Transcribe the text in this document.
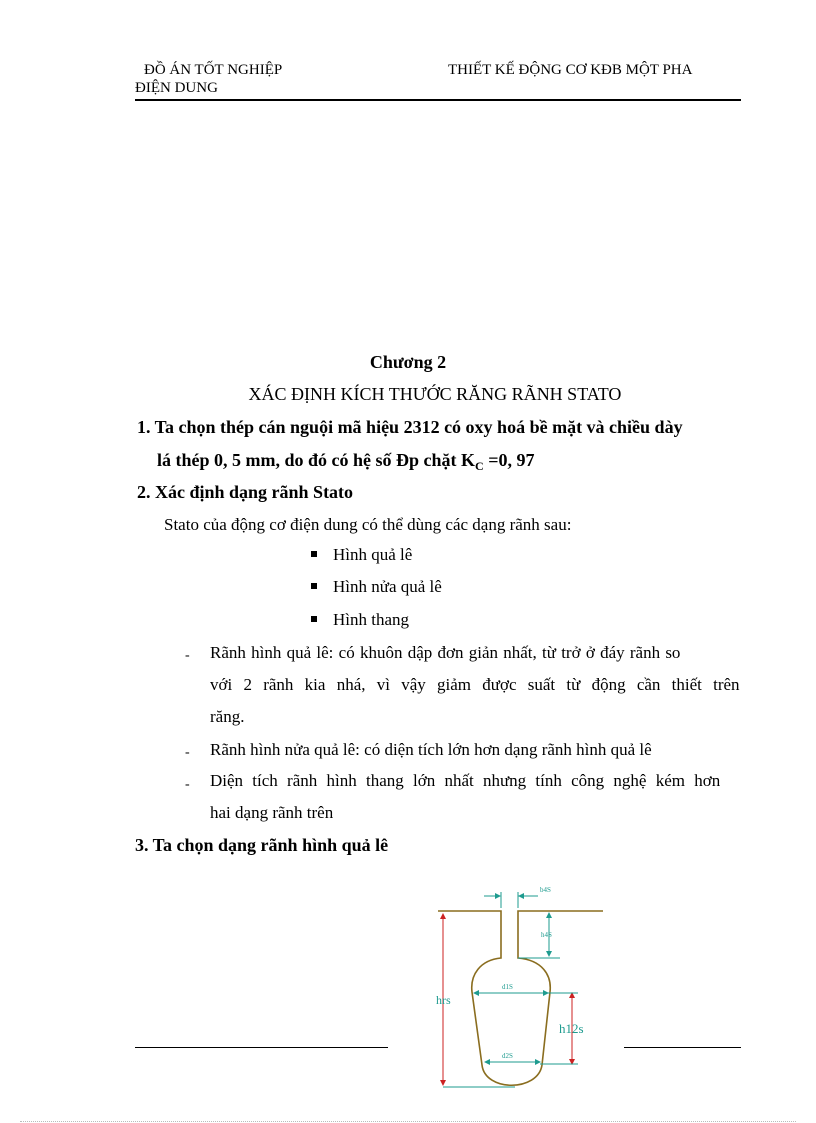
ĐỒ ÁN TỐT NGHIỆP	THIẾT KẾ ĐỘNG CƠ KĐB MỘT PHA
ĐIỆN DUNG
Chương 2
XÁC ĐỊNH KÍCH THƯỚC RĂNG RÃNH STATO
1. Ta chọn thép cán nguội mã hiệu 2312 có oxy hoá bề mặt và chiều dày
lá thép 0, 5 mm, do đó có hệ số Đp chặt $K_C =0$, 97
2. Xác định dạng rãnh Stato
Stato của động cơ điện dung có thể dùng các dạng rãnh sau:
Hình quả lê
Hình nửa quả lê
Hình thang
- Rãnh hình quả lê: có khuôn dập đơn giản nhất, từ trở ở đáy rãnh so
với 2 rãnh kia nhá, vì vậy giảm được suất từ động cần thiết trên
răng.
- Rãnh hình nửa quả lê: có diện tích lớn hơn dạng rãnh hình quả lê
- Diện tích rãnh hình thang lớn nhất nhưng tính công nghệ kém hơn
hai dạng rãnh trên
3. Ta chọn dạng rãnh hình quả lê
b4S
h4S
d1S
d2S
hrs
h12s
